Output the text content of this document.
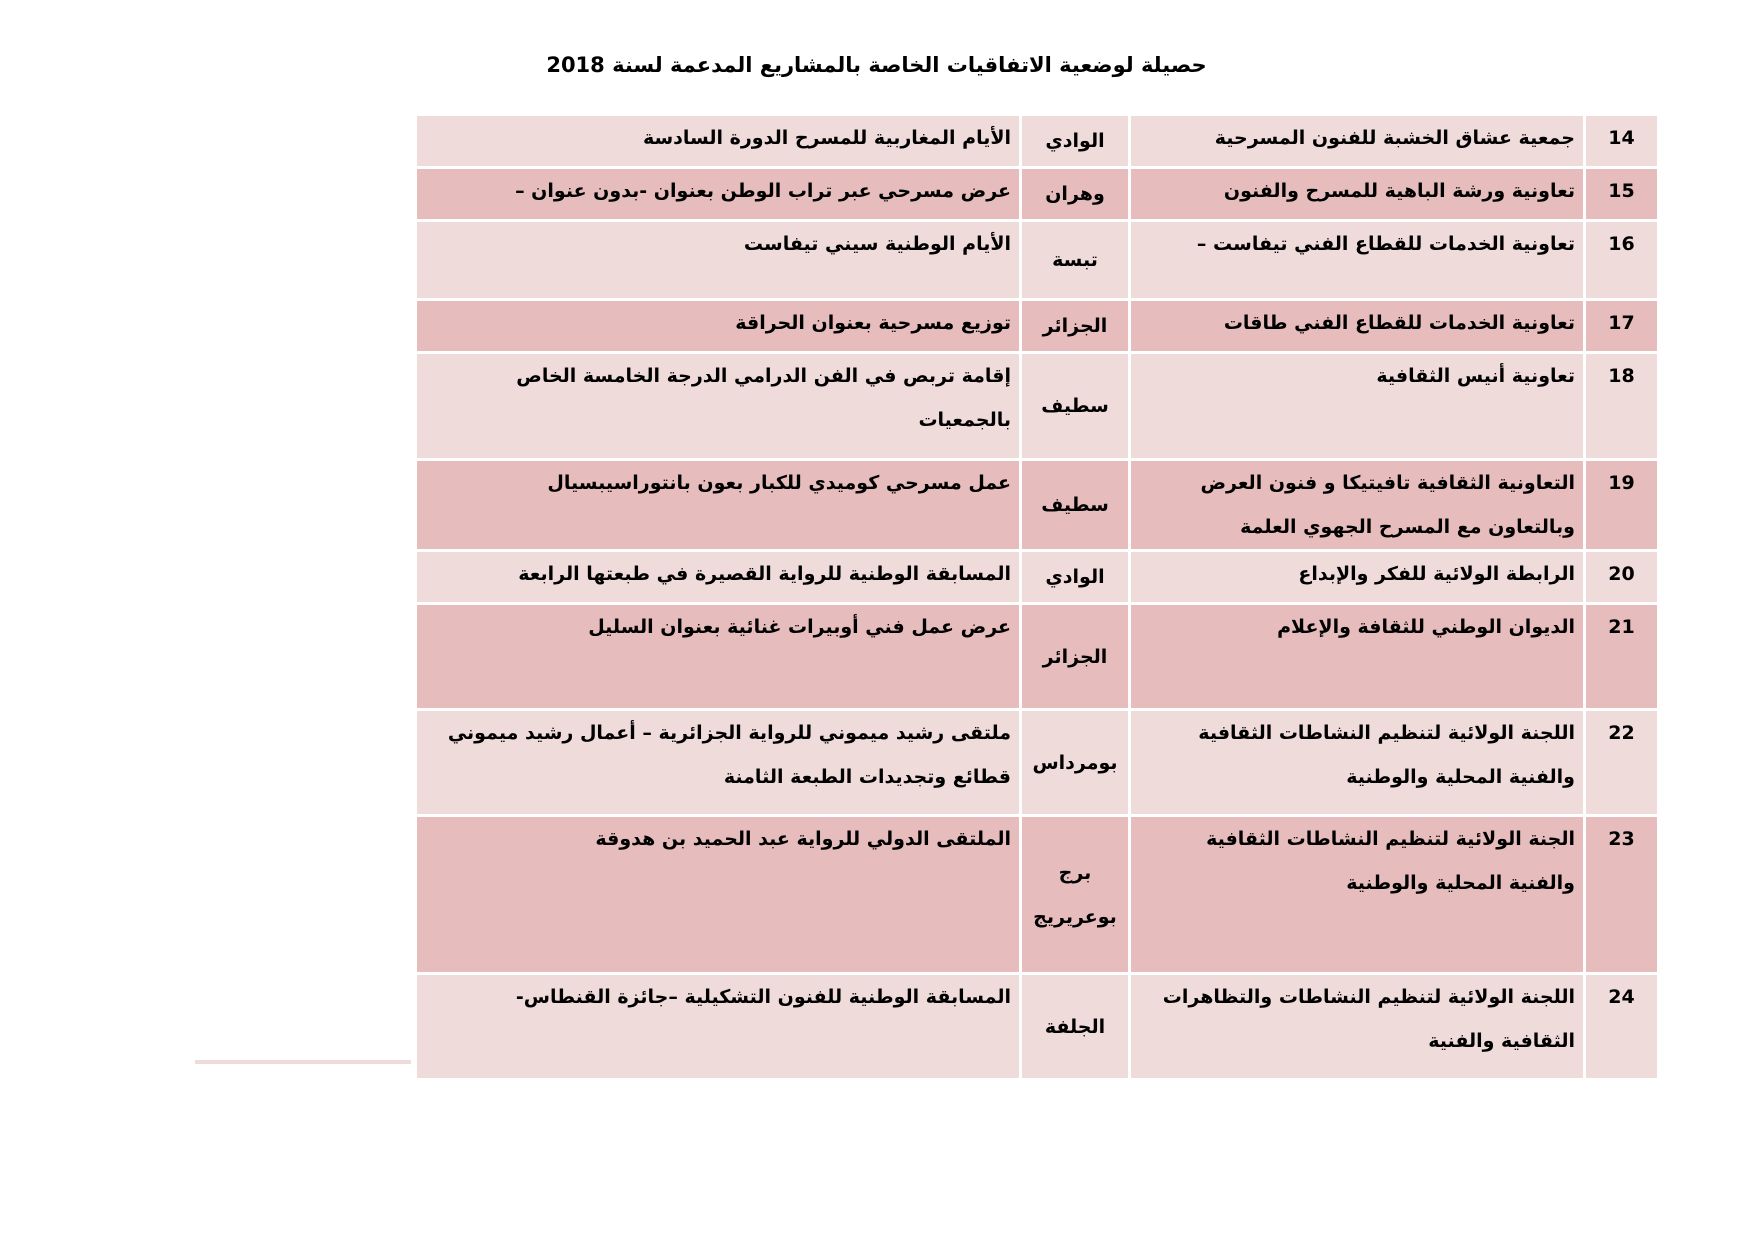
حصيلة لوضعية الاتفاقيات الخاصة بالمشاريع المدعمة لسنة 2018
14	جمعية عشاق الخشبة للفنون المسرحية	الوادي	الأيام المغاربية للمسرح الدورة السادسة
15	تعاونية ورشة الباهية للمسرح والفنون	وهران	عرض مسرحي عبر تراب الوطن بعنوان -بدون عنوان –
16	تعاونية الخدمات للقطاع الفني تيفاست –	تبسة	الأيام الوطنية سيني تيفاست
17	تعاونية الخدمات للقطاع الفني طاقات	الجزائر	توزيع مسرحية بعنوان الحراقة
18	تعاونية أنيس الثقافية	سطيف	إقامة تربص في الفن الدرامي الدرجة الخامسة الخاص بالجمعيات
19	التعاونية الثقافية تافيتيكا و فنون العرض وبالتعاون مع المسرح الجهوي العلمة	سطيف	عمل مسرحي كوميدي للكبار بعون بانتوراسيبسيال
20	الرابطة الولائية للفكر والإبداع	الوادي	المسابقة الوطنية للرواية القصيرة في طبعتها الرابعة
21	الديوان الوطني للثقافة والإعلام	الجزائر	عرض عمل فني أوبيرات غنائية بعنوان السليل
22	اللجنة الولائية لتنظيم النشاطات الثقافية والفنية المحلية والوطنية	بومرداس	ملتقى رشيد ميموني للرواية الجزائرية – أعمال رشيد ميموني قطائع وتجديدات الطبعة الثامنة
23	الجنة الولائية لتنظيم النشاطات الثقافية والفنية المحلية والوطنية	برج بوعريريج	الملتقى الدولي للرواية عبد الحميد بن هدوقة
24	اللجنة الولائية لتنظيم النشاطات والتظاهرات الثقافية والفنية	الجلفة	المسابقة الوطنية للفنون التشكيلية –جائزة القنطاس-
